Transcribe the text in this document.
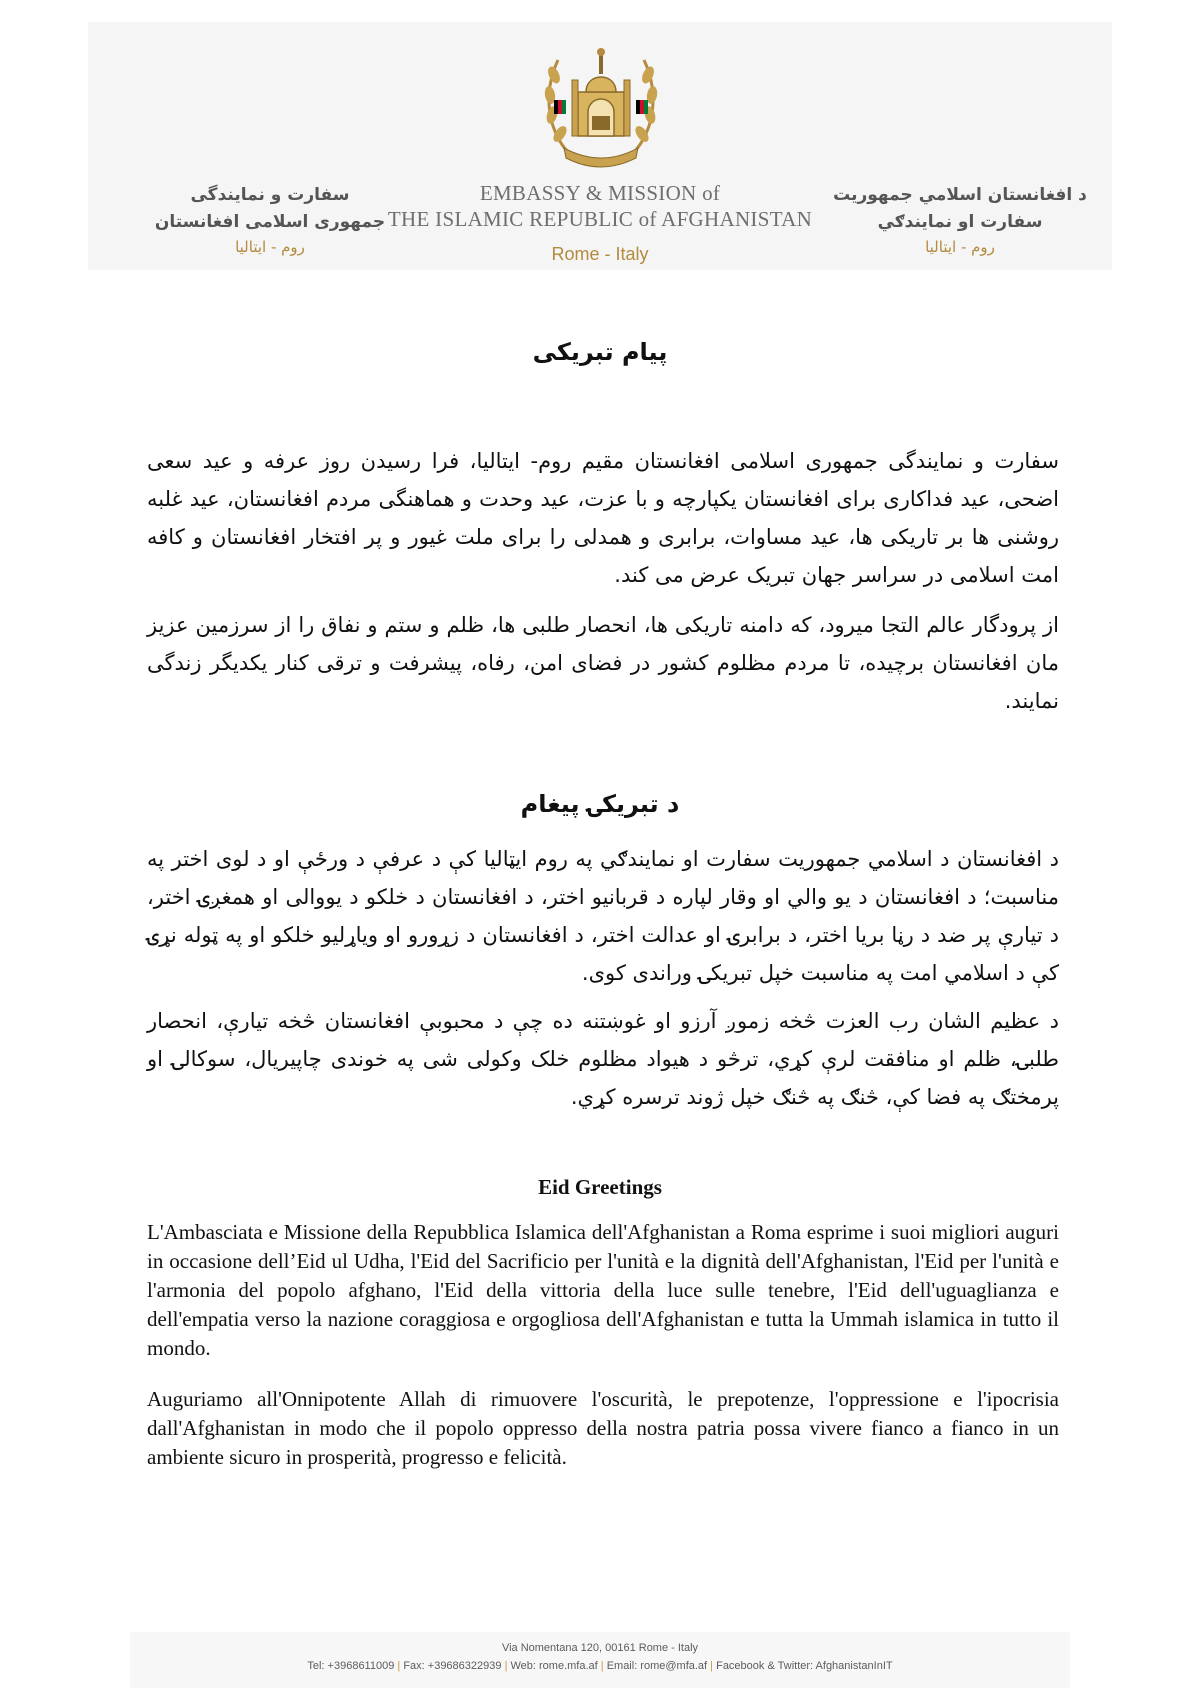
سفارت و نمایندگی
جمهوری اسلامی افغانستان
روم - ایتالیا
EMBASSY & MISSION of
THE ISLAMIC REPUBLIC of AFGHANISTAN
Rome - Italy
د افغانستان اسلامي جمهوریت
سفارت او نمایندګي
روم - ایتالیا
پیام تبریکی
سفارت و نمایندگی جمهوری اسلامی افغانستان مقیم روم- ایتالیا، فرا رسیدن روز عرفه و عید سعی اضحی، عید فداکاری برای افغانستان یکپارچه و با عزت، عید وحدت و هماهنگی مردم افغانستان، عید غلبه روشنی ها بر تاریکی ها، عید مساوات، برابری و همدلی را برای ملت غیور و پر افتخار افغانستان و کافه امت اسلامی در سراسر جهان تبریک عرض می کند.
از پرودگار عالم التجا میرود، که دامنه تاریکی ها، انحصار طلبی ها، ظلم و ستم و نفاق را از سرزمین عزیز مان افغانستان برچیده، تا مردم مظلوم کشور در فضای امن، رفاه، پیشرفت و ترقی کنار یکدیگر زندگی نمایند.
د تبریکۍ پیغام
د افغانستان د اسلامي جمهوریت سفارت او نمایندګي په روم ایټالیا کې د عرفې د ورځې او د لوی اختر په مناسبت؛ د افغانستان د یو والي او وقار لپاره د قربانیو اختر، د افغانستان د خلکو د یووالی او همغږۍ اختر، د تیارې پر ضد د رڼا بریا اختر، د برابرۍ او عدالت اختر، د افغانستان د زړورو او ویاړلیو خلکو او په ټوله نړۍ کې د اسلامي امت په مناسبت خپل تبریکۍ وراندی کوی.
د عظیم الشان رب العزت څخه زموږ آرزو او غوښتنه ده چې د محبوبې افغانستان څخه تیارې، انحصار طلبۍ، ظلم او منافقت لرې کړي، ترڅو د هیواد مظلوم خلک وکولی شی په خوندی چاپیریال، سوکالۍ او پرمختګ په فضا کې، څنګ په څنګ خپل ژوند ترسره کړي.
Eid Greetings
L'Ambasciata e Missione della Repubblica Islamica dell'Afghanistan a Roma esprime i suoi migliori auguri in occasione dell’Eid ul Udha, l'Eid del Sacrificio per l'unità e la dignità dell'Afghanistan, l'Eid per l'unità e l'armonia del popolo afghano, l'Eid della vittoria della luce sulle tenebre, l'Eid dell'uguaglianza e dell'empatia verso la nazione coraggiosa e orgogliosa dell'Afghanistan e tutta la Ummah islamica in tutto il mondo.
Auguriamo all'Onnipotente Allah di rimuovere l'oscurità, le prepotenze, l'oppressione e l'ipocrisia dall'Afghanistan in modo che il popolo oppresso della nostra patria possa vivere fianco a fianco in un ambiente sicuro in prosperità, progresso e felicità.
Via Nomentana 120, 00161 Rome - Italy
Tel: +3968611009 | Fax: +39686322939 | Web: rome.mfa.af | Email: rome@mfa.af | Facebook & Twitter: AfghanistanInIT
